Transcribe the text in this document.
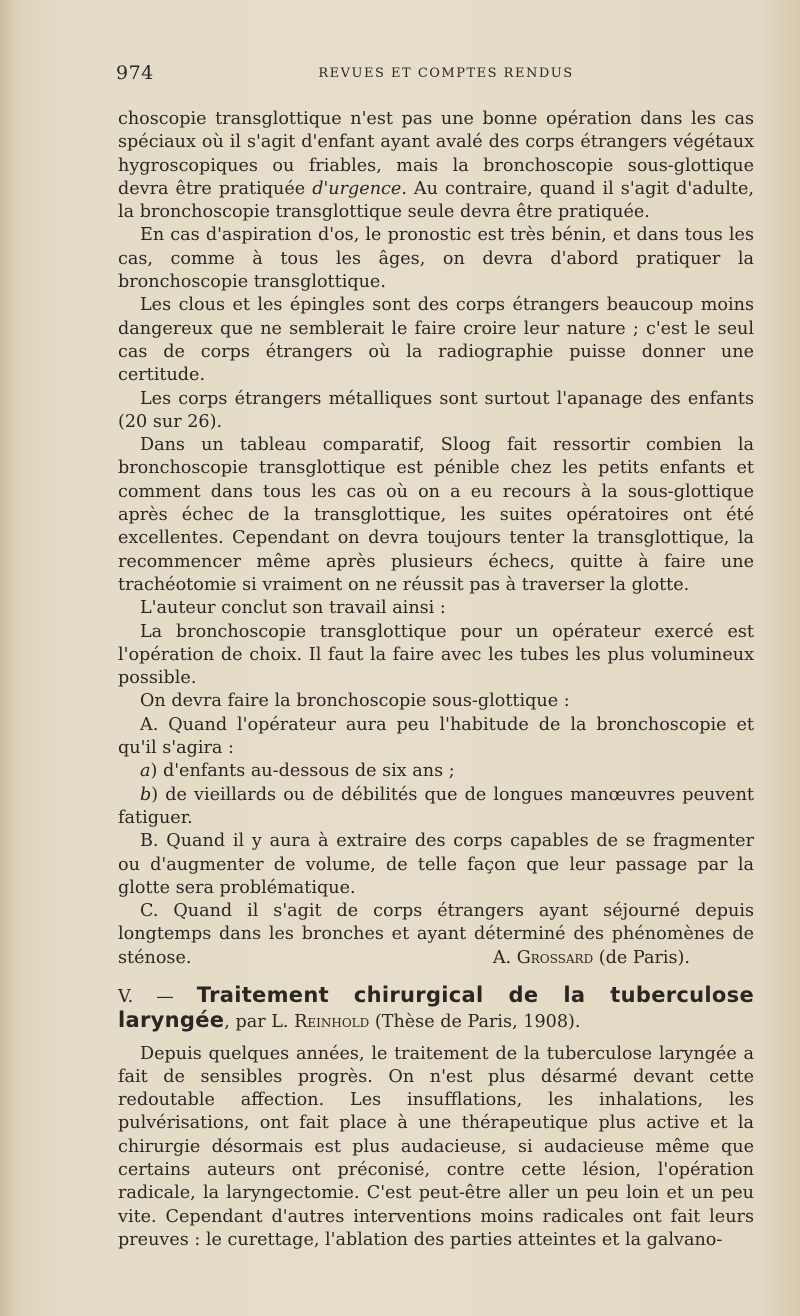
974	REVUES ET COMPTES RENDUS

choscopie transglottique n'est pas une bonne opération dans les cas spéciaux où il s'agit d'enfant ayant avalé des corps étrangers végétaux hygroscopiques ou friables, mais la bronchoscopie sous-glottique devra être pratiquée d'urgence. Au contraire, quand il s'agit d'adulte, la bronchoscopie transglottique seule devra être pratiquée.

En cas d'aspiration d'os, le pronostic est très bénin, et dans tous les cas, comme à tous les âges, on devra d'abord pratiquer la bronchoscopie transglottique.

Les clous et les épingles sont des corps étrangers beaucoup moins dangereux que ne semblerait le faire croire leur nature ; c'est le seul cas de corps étrangers où la radiographie puisse donner une certitude.

Les corps étrangers métalliques sont surtout l'apanage des enfants (20 sur 26).

Dans un tableau comparatif, Sloog fait ressortir combien la bronchoscopie transglottique est pénible chez les petits enfants et comment dans tous les cas où on a eu recours à la sous-glottique après échec de la transglottique, les suites opératoires ont été excellentes. Cependant on devra toujours tenter la transglottique, la recommencer même après plusieurs échecs, quitte à faire une trachéotomie si vraiment on ne réussit pas à traverser la glotte.

L'auteur conclut son travail ainsi :

La bronchoscopie transglottique pour un opérateur exercé est l'opération de choix. Il faut la faire avec les tubes les plus volumineux possible.

On devra faire la bronchoscopie sous-glottique :

A. Quand l'opérateur aura peu l'habitude de la bronchoscopie et qu'il s'agira :

a) d'enfants au-dessous de six ans ;

b) de vieillards ou de débilités que de longues manœuvres peuvent fatiguer.

B. Quand il y aura à extraire des corps capables de se fragmenter ou d'augmenter de volume, de telle façon que leur passage par la glotte sera problématique.

C. Quand il s'agit de corps étrangers ayant séjourné depuis longtemps dans les bronches et ayant déterminé des phénomènes de sténose.	A. Grossard (de Paris).

V. — Traitement chirurgical de la tuberculose laryngée, par L. Reinhold (Thèse de Paris, 1908).

Depuis quelques années, le traitement de la tuberculose laryngée a fait de sensibles progrès. On n'est plus désarmé devant cette redoutable affection. Les insufflations, les inhalations, les pulvérisations, ont fait place à une thérapeutique plus active et la chirurgie désormais est plus audacieuse, si audacieuse même que certains auteurs ont préconisé, contre cette lésion, l'opération radicale, la laryngectomie. C'est peut-être aller un peu loin et un peu vite. Cependant d'autres interventions moins radicales ont fait leurs preuves : le curettage, l'ablation des parties atteintes et la galvano-
